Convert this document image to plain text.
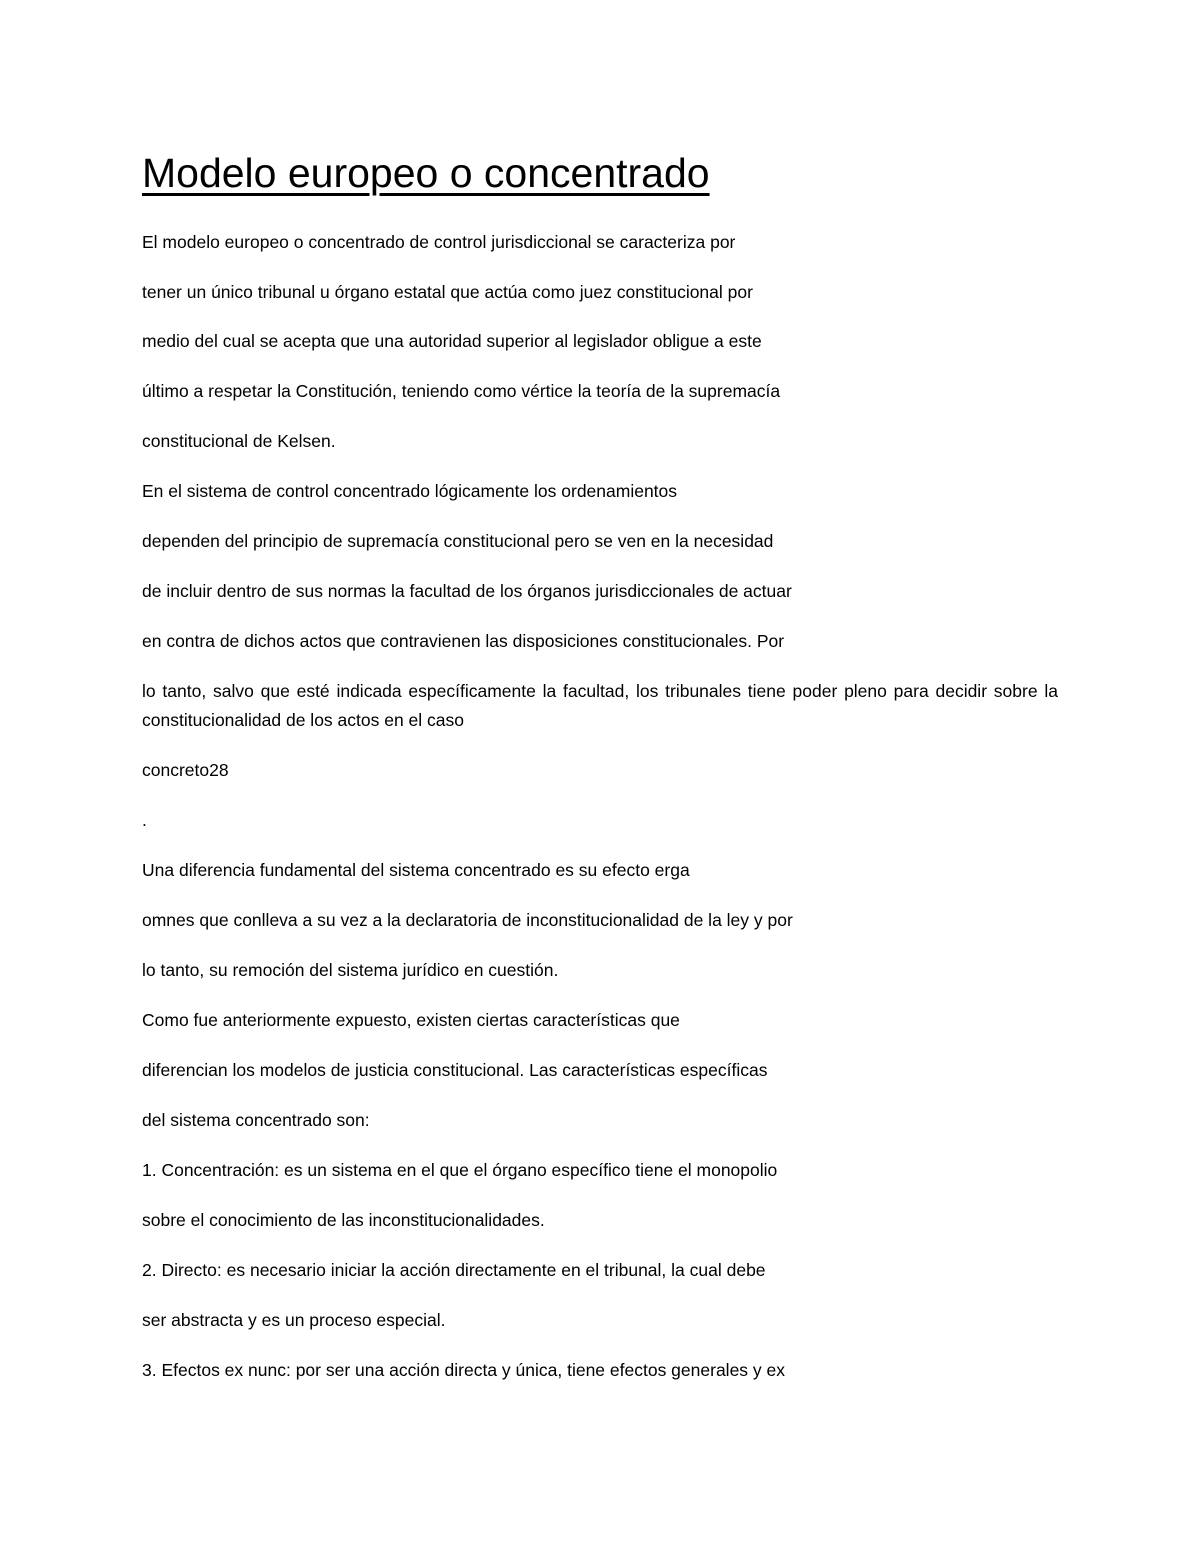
Modelo europeo o concentrado

El modelo europeo o concentrado de control jurisdiccional se caracteriza por

tener un único tribunal u órgano estatal que actúa como juez constitucional por

medio del cual se acepta que una autoridad superior al legislador obligue a este

último a respetar la Constitución, teniendo como vértice la teoría de la supremacía

constitucional de Kelsen.

En el sistema de control concentrado lógicamente los ordenamientos

dependen del principio de supremacía constitucional pero se ven en la necesidad

de incluir dentro de sus normas la facultad de los órganos jurisdiccionales de actuar

en contra de dichos actos que contravienen las disposiciones constitucionales. Por

lo tanto, salvo que esté indicada específicamente la facultad, los tribunales tiene poder pleno para decidir sobre la constitucionalidad de los actos en el caso

concreto28

.

Una diferencia fundamental del sistema concentrado es su efecto erga

omnes que conlleva a su vez a la declaratoria de inconstitucionalidad de la ley y por

lo tanto, su remoción del sistema jurídico en cuestión.

Como fue anteriormente expuesto, existen ciertas características que

diferencian los modelos de justicia constitucional. Las características específicas

del sistema concentrado son:

1. Concentración: es un sistema en el que el órgano específico tiene el monopolio

sobre el conocimiento de las inconstitucionalidades.

2. Directo: es necesario iniciar la acción directamente en el tribunal, la cual debe

ser abstracta y es un proceso especial.

3. Efectos ex nunc: por ser una acción directa y única, tiene efectos generales y ex
